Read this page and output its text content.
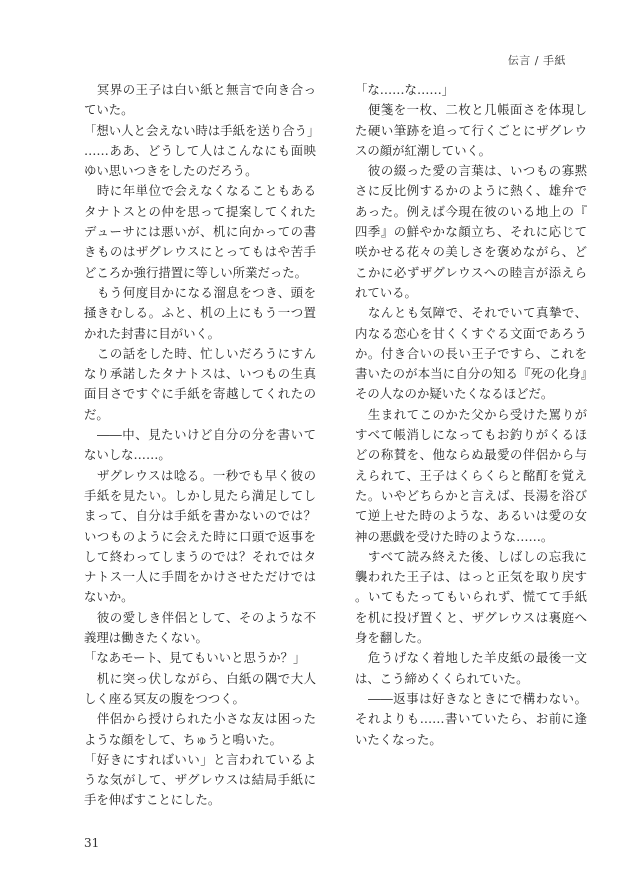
伝言 / 手紙

　冥界の王子は白い紙と無言で向き合っていた。

「想い人と会えない時は手紙を送り合う」

……ああ、どうして人はこんなにも面映ゆい思いつきをしたのだろう。

　時に年単位で会えなくなることもあるタナトスとの仲を思って提案してくれたデューサには悪いが、机に向かっての書きものはザグレウスにとってもはや苦手どころか強行措置に等しい所業だった。

　もう何度目かになる溜息をつき、頭を掻きむしる。ふと、机の上にもう一つ置かれた封書に目がいく。

　この話をした時、忙しいだろうにすんなり承諾したタナトスは、いつもの生真面目さですぐに手紙を寄越してくれたのだ。

　――中、見たいけど自分の分を書いてないしな……。

　ザグレウスは唸る。一秒でも早く彼の手紙を見たい。しかし見たら満足してしまって、自分は手紙を書かないのでは？いつものように会えた時に口頭で返事をして終わってしまうのでは？それではタナトス一人に手間をかけさせただけではないか。

　彼の愛しき伴侶として、そのような不義理は働きたくない。

「なあモート、見てもいいと思うか？」

　机に突っ伏しながら、白紙の隅で大人しく座る冥友の腹をつつく。

　伴侶から授けられた小さな友は困ったような顔をして、ちゅうと鳴いた。

「好きにすればいい」と言われているような気がして、ザグレウスは結局手紙に手を伸ばすことにした。

「な……な……」

　便箋を一枚、二枚と几帳面さを体現した硬い筆跡を追って行くごとにザグレウスの顔が紅潮していく。

　彼の綴った愛の言葉は、いつもの寡黙さに反比例するかのように熱く、雄弁であった。例えば今現在彼のいる地上の『四季』の鮮やかな顔立ち、それに応じて咲かせる花々の美しさを褒めながら、どこかに必ずザグレウスへの睦言が添えられている。

　なんとも気障で、それでいて真摯で、内なる恋心を甘くくすぐる文面であろうか。付き合いの長い王子ですら、これを書いたのが本当に自分の知る『死の化身』その人なのか疑いたくなるほどだ。

　生まれてこのかた父から受けた罵りがすべて帳消しになってもお釣りがくるほどの称賛を、他ならぬ最愛の伴侶から与えられて、王子はくらくらと酩酊を覚えた。いやどちらかと言えば、長湯を浴びて逆上せた時のような、あるいは愛の女神の悪戯を受けた時のような……。

　すべて読み終えた後、しばしの忘我に襲われた王子は、はっと正気を取り戻す。いてもたってもいられず、慌てて手紙を机に投げ置くと、ザグレウスは裏庭へ身を翻した。

　危うげなく着地した羊皮紙の最後一文は、こう締めくくられていた。

　――返事は好きなときにで構わない。それよりも……書いていたら、お前に逢いたくなった。

31
